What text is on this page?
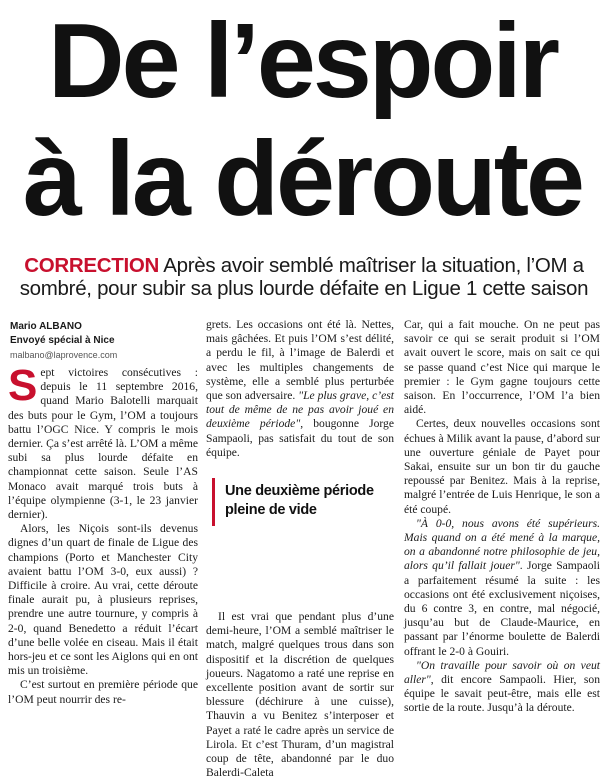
De l’espoir
à la déroute
CORRECTION Après avoir semblé maîtriser la situation, l’OM a sombré, pour subir sa plus lourde défaite en Ligue 1 cette saison
Mario ALBANO
Envoyé spécial à Nice
malbano@laprovence.com

Sept victoires consécutives : depuis le 11 septembre 2016, quand Mario Balotelli marquait des buts pour le Gym, l’OM a toujours battu l’OGC Nice. Y compris le mois dernier. Ça s’est arrêté là. L’OM a même subi sa plus lourde défaite en championnat cette saison. Seule l’AS Monaco avait marqué trois buts à l’équipe olympienne (3-1, le 23 janvier dernier).

Alors, les Niçois sont-ils devenus dignes d’un quart de finale de Ligue des champions (Porto et Manchester City avaient battu l’OM 3-0, eux aussi) ? Difficile à croire. Au vrai, cette déroute finale aurait pu, à plusieurs reprises, prendre une autre tournure, y compris à 2-0, quand Benedetto a réduit l’écart d’une belle volée en ciseau. Mais il était hors-jeu et ce sont les Aiglons qui en ont mis un troisième.

C’est surtout en première période que l’OM peut nourrir des re-

grets. Les occasions ont été là. Nettes, mais gâchées. Et puis l’OM s’est délité, a perdu le fil, à l’image de Balerdi et avec les multiples changements de système, elle a semblé plus perturbée que son adversaire. "Le plus grave, c’est tout de même de ne pas avoir joué en deuxième période", bougonne Jorge Sampaoli, pas satisfait du tout de son équipe.

Il est vrai que pendant plus d’une demi-heure, l’OM a semblé maîtriser le match, malgré quelques trous dans son dispositif et la discrétion de quelques joueurs. Nagatomo a raté une reprise en excellente position avant de sortir sur blessure (déchirure à une cuisse), Thauvin a vu Benitez s’interposer et Payet a raté le cadre après un service de Lirola. Et c’est Thuram, d’un magistral coup de tête, abandonné par le duo Balerdi-Caleta

Une deuxième période pleine de vide

Car, qui a fait mouche. On ne peut pas savoir ce qui se serait produit si l’OM avait ouvert le score, mais on sait ce qui se passe quand c’est Nice qui marque le premier : le Gym gagne toujours cette saison. En l’occurrence, l’OM l’a bien aidé.

Certes, deux nouvelles occasions sont échues à Milik avant la pause, d’abord sur une ouverture géniale de Payet pour Sakai, ensuite sur un bon tir du gauche repoussé par Benitez. Mais à la reprise, malgré l’entrée de Luis Henrique, le son a été coupé.

"À 0-0, nous avons été supérieurs. Mais quand on a été mené à la marque, on a abandonné notre philosophie de jeu, alors qu’il fallait jouer". Jorge Sampaoli a parfaitement résumé la suite : les occasions ont été exclusivement niçoises, du 6 contre 3, en contre, mal négocié, jusqu’au but de Claude-Maurice, en passant par l’énorme boulette de Balerdi offrant le 2-0 à Gouiri.

"On travaille pour savoir où on veut aller", dit encore Sampaoli. Hier, son équipe le savait peut-être, mais elle est sortie de la route. Jusqu’à la déroute.
